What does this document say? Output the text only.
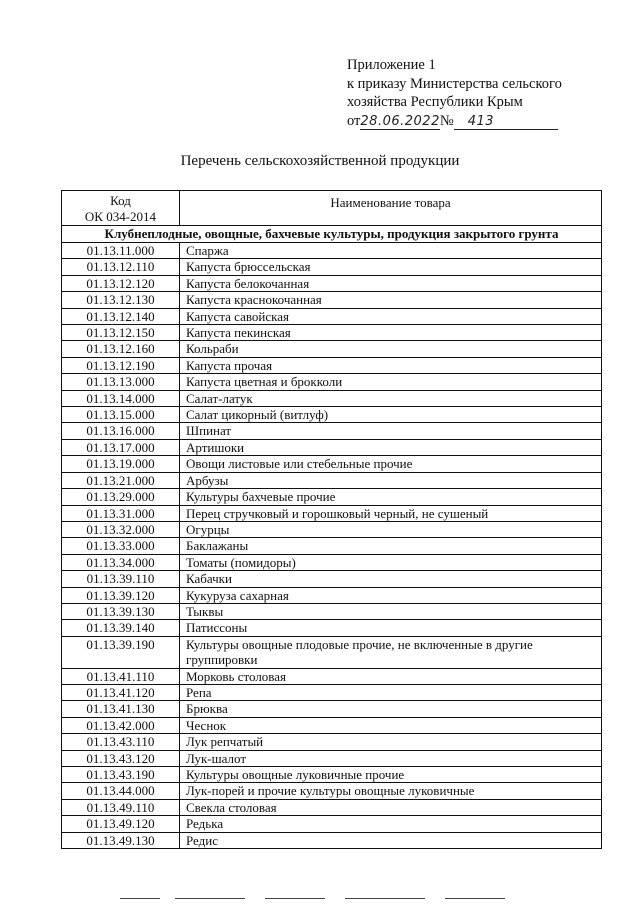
Приложение 1
к приказу Министерства сельского
хозяйства Республики Крым
от28.06.2022№ 413
Перечень сельскохозяйственной продукции
Код
ОК 034-2014	Наименование товара
Клубнеплодные, овощные, бахчевые культуры, продукция закрытого грунта	
01.13.11.000	Спаржа
01.13.12.110	Капуста брюссельская
01.13.12.120	Капуста белокочанная
01.13.12.130	Капуста краснокочанная
01.13.12.140	Капуста савойская
01.13.12.150	Капуста пекинская
01.13.12.160	Кольраби
01.13.12.190	Капуста прочая
01.13.13.000	Капуста цветная и брокколи
01.13.14.000	Салат-латук
01.13.15.000	Салат цикорный (витлуф)
01.13.16.000	Шпинат
01.13.17.000	Артишоки
01.13.19.000	Овощи листовые или стебельные прочие
01.13.21.000	Арбузы
01.13.29.000	Культуры бахчевые прочие
01.13.31.000	Перец стручковый и горошковый черный, не сушеный
01.13.32.000	Огурцы
01.13.33.000	Баклажаны
01.13.34.000	Томаты (помидоры)
01.13.39.110	Кабачки
01.13.39.120	Кукуруза сахарная
01.13.39.130	Тыквы
01.13.39.140	Патиссоны
01.13.39.190	Культуры овощные плодовые прочие, не включенные в другие группировки
01.13.41.110	Морковь столовая
01.13.41.120	Репа
01.13.41.130	Брюква
01.13.42.000	Чеснок
01.13.43.110	Лук репчатый
01.13.43.120	Лук-шалот
01.13.43.190	Культуры овощные луковичные прочие
01.13.44.000	Лук-порей и прочие культуры овощные луковичные
01.13.49.110	Свекла столовая
01.13.49.120	Редька
01.13.49.130	Редис
